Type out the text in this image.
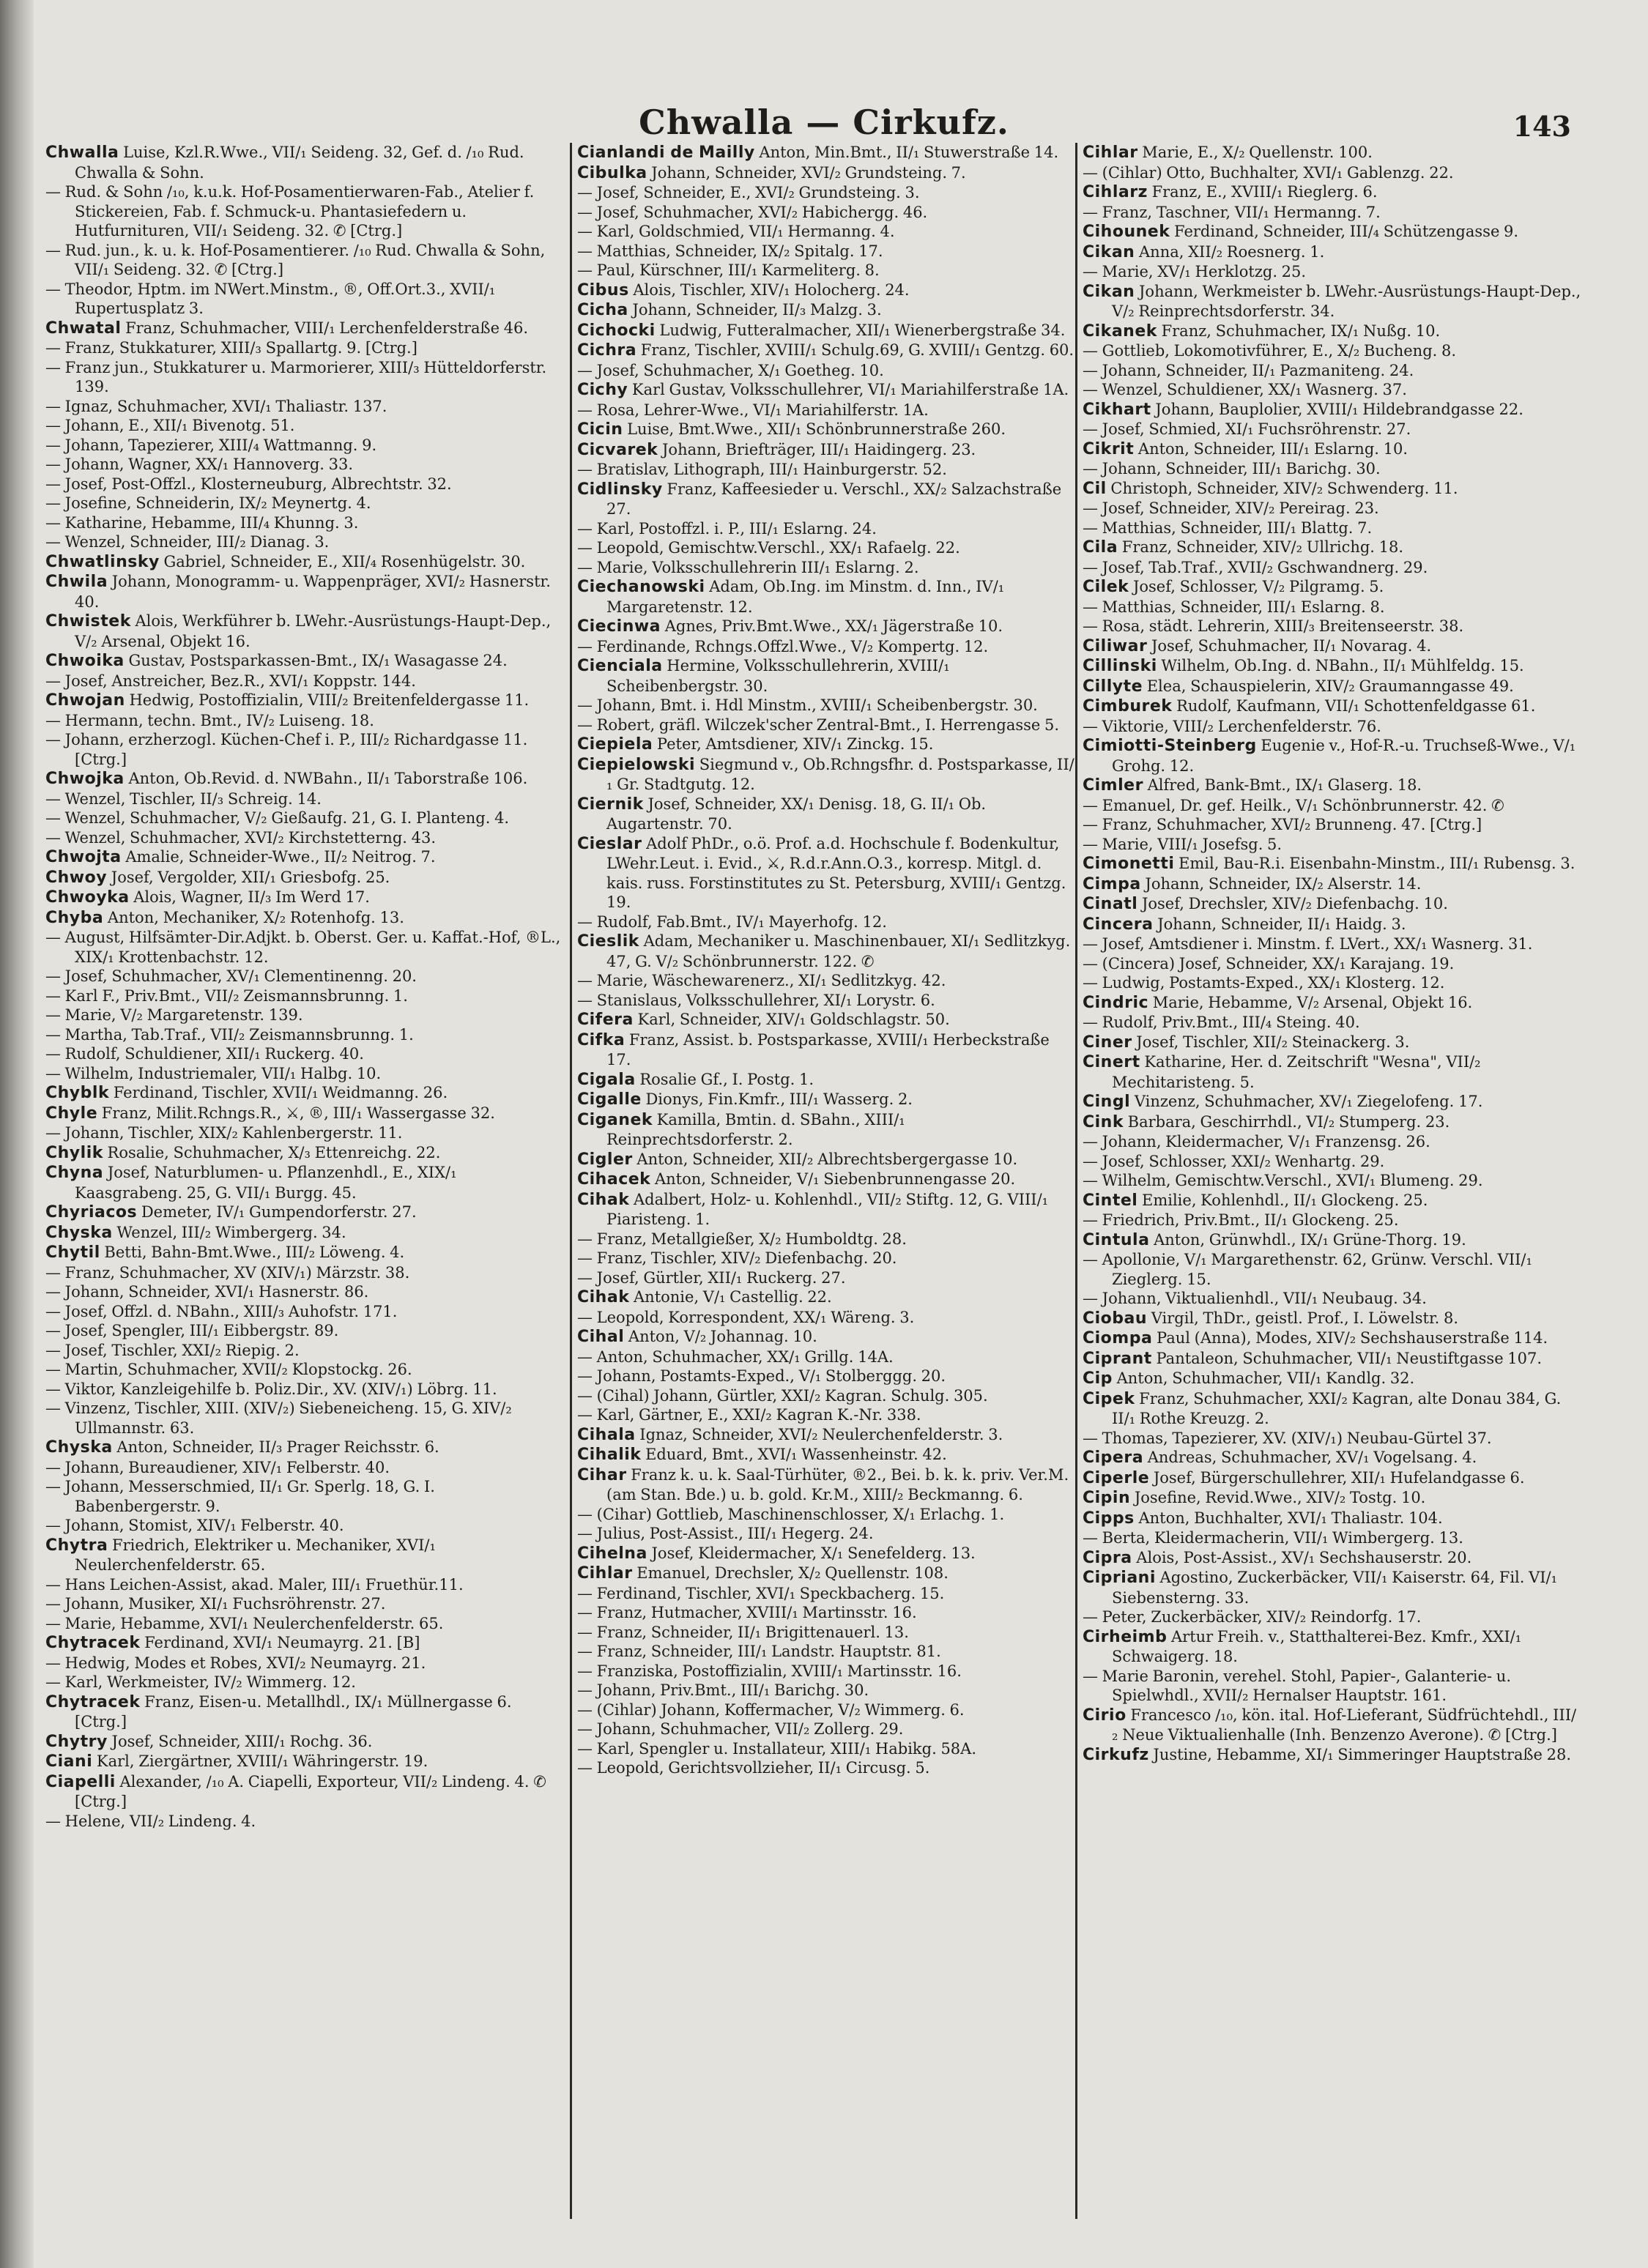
Chwalla — Cirkufz.	143

Chwalla Luise, Kzl.R.Wwe., VII/₁ Seideng. 32, Gef. d. ∕₁₀ Rud. Chwalla & Sohn.

— Rud. & Sohn ∕₁₀, k.u.k. Hof-Posamentierwaren-Fab., Atelier f. Stickereien, Fab. f. Schmuck-u. Phantasiefedern u. Hutfurnituren, VII/₁ Seideng. 32. ✆ [Ctrg.]

— Rud. jun., k. u. k. Hof-Posamentierer. ∕₁₀ Rud. Chwalla & Sohn, VII/₁ Seideng. 32. ✆ [Ctrg.]

— Theodor, Hptm. im NWert.Minstm., ®, Off.Ort.3., XVII/₁ Rupertusplatz 3.

Chwatal Franz, Schuhmacher, VIII/₁ Lerchenfelderstraße 46.

— Franz, Stukkaturer, XIII/₃ Spallartg. 9. [Ctrg.]

— Franz jun., Stukkaturer u. Marmorierer, XIII/₃ Hütteldorferstr. 139.

— Ignaz, Schuhmacher, XVI/₁ Thaliastr. 137.

— Johann, E., XII/₁ Bivenotg. 51.

— Johann, Tapezierer, XIII/₄ Wattmanng. 9.

— Johann, Wagner, XX/₁ Hannoverg. 33.

— Josef, Post-Offzl., Klosterneuburg, Albrechtstr. 32.

— Josefine, Schneiderin, IX/₂ Meynertg. 4.

— Katharine, Hebamme, III/₄ Khunng. 3.

— Wenzel, Schneider, III/₂ Dianag. 3.

Chwatlinsky Gabriel, Schneider, E., XII/₄ Rosenhügelstr. 30.

Chwila Johann, Monogramm- u. Wappenpräger, XVI/₂ Hasnerstr. 40.

Chwistek Alois, Werkführer b. LWehr.-Ausrüstungs-Haupt-Dep., V/₂ Arsenal, Objekt 16.

Chwoika Gustav, Postsparkassen-Bmt., IX/₁ Wasagasse 24.

— Josef, Anstreicher, Bez.R., XVI/₁ Koppstr. 144.

Chwojan Hedwig, Postoffizialin, VIII/₂ Breitenfeldergasse 11.

— Hermann, techn. Bmt., IV/₂ Luiseng. 18.

— Johann, erzherzogl. Küchen-Chef i. P., III/₂ Richardgasse 11. [Ctrg.]

Chwojka Anton, Ob.Revid. d. NWBahn., II/₁ Taborstraße 106.

— Wenzel, Tischler, II/₃ Schreig. 14.

— Wenzel, Schuhmacher, V/₂ Gießaufg. 21, G. I. Planteng. 4.

— Wenzel, Schuhmacher, XVI/₂ Kirchstetterng. 43.

Chwojta Amalie, Schneider-Wwe., II/₂ Neitrog. 7.

Chwoy Josef, Vergolder, XII/₁ Griesbofg. 25.

Chwoyka Alois, Wagner, II/₃ Im Werd 17.

Chyba Anton, Mechaniker, X/₂ Rotenhofg. 13.

— August, Hilfsämter-Dir.Adjkt. b. Oberst. Ger. u. Kaffat.-Hof, ®L., XIX/₁ Krottenbachstr. 12.

— Josef, Schuhmacher, XV/₁ Clementinenng. 20.

— Karl F., Priv.Bmt., VII/₂ Zeismannsbrunng. 1.

— Marie, V/₂ Margaretenstr. 139.

— Martha, Tab.Traf., VII/₂ Zeismannsbrunng. 1.

— Rudolf, Schuldiener, XII/₁ Ruckerg. 40.

— Wilhelm, Industriemaler, VII/₁ Halbg. 10.

Chyblk Ferdinand, Tischler, XVII/₁ Weidmanng. 26.

Chyle Franz, Milit.Rchngs.R., ⚔, ®, III/₁ Wassergasse 32.

— Johann, Tischler, XIX/₂ Kahlenbergerstr. 11.

Chylik Rosalie, Schuhmacher, X/₃ Ettenreichg. 22.

Chyna Josef, Naturblumen- u. Pflanzenhdl., E., XIX/₁ Kaasgrabeng. 25, G. VII/₁ Burgg. 45.

Chyriacos Demeter, IV/₁ Gumpendorferstr. 27.

Chyska Wenzel, III/₂ Wimbergerg. 34.

Chytil Betti, Bahn-Bmt.Wwe., III/₂ Löweng. 4.

— Franz, Schuhmacher, XV (XIV/₁) Märzstr. 38.

— Johann, Schneider, XVI/₁ Hasnerstr. 86.

— Josef, Offzl. d. NBahn., XIII/₃ Auhofstr. 171.

— Josef, Spengler, III/₁ Eibbergstr. 89.

— Josef, Tischler, XXI/₂ Riepig. 2.

— Martin, Schuhmacher, XVII/₂ Klopstockg. 26.

— Viktor, Kanzleigehilfe b. Poliz.Dir., XV. (XIV/₁) Löbrg. 11.

— Vinzenz, Tischler, XIII. (XIV/₂) Siebeneicheng. 15, G. XIV/₂ Ullmannstr. 63.

Chyska Anton, Schneider, II/₃ Prager Reichsstr. 6.

— Johann, Bureaudiener, XIV/₁ Felberstr. 40.

— Johann, Messerschmied, II/₁ Gr. Sperlg. 18, G. I. Babenbergerstr. 9.

— Johann, Stomist, XIV/₁ Felberstr. 40.

Chytra Friedrich, Elektriker u. Mechaniker, XVI/₁ Neulerchenfelderstr. 65.

— Hans Leichen-Assist, akad. Maler, III/₁ Fruethür.11.

— Johann, Musiker, XI/₁ Fuchsröhrenstr. 27.

— Marie, Hebamme, XVI/₁ Neulerchenfelderstr. 65.

Chytracek Ferdinand, XVI/₁ Neumayrg. 21. [B]

— Hedwig, Modes et Robes, XVI/₂ Neumayrg. 21.

— Karl, Werkmeister, IV/₂ Wimmerg. 12.

Chytracek Franz, Eisen-u. Metallhdl., IX/₁ Müllnergasse 6. [Ctrg.]

Chytry Josef, Schneider, XIII/₁ Rochg. 36.

Ciani Karl, Ziergärtner, XVIII/₁ Währingerstr. 19.

Ciapelli Alexander, ∕₁₀ A. Ciapelli, Exporteur, VII/₂ Lindeng. 4. ✆ [Ctrg.]

— Helene, VII/₂ Lindeng. 4.

Cianlandi de Mailly Anton, Min.Bmt., II/₁ Stuwerstraße 14.

Cibulka Johann, Schneider, XVI/₂ Grundsteing. 7.

— Josef, Schneider, E., XVI/₂ Grundsteing. 3.

— Josef, Schuhmacher, XVI/₂ Habichergg. 46.

— Karl, Goldschmied, VII/₁ Hermanng. 4.

— Matthias, Schneider, IX/₂ Spitalg. 17.

— Paul, Kürschner, III/₁ Karmeliterg. 8.

Cibus Alois, Tischler, XIV/₁ Holocherg. 24.

Cicha Johann, Schneider, II/₃ Malzg. 3.

Cichocki Ludwig, Futteralmacher, XII/₁ Wienerbergstraße 34.

Cichra Franz, Tischler, XVIII/₁ Schulg.69, G. XVIII/₁ Gentzg. 60.

— Josef, Schuhmacher, X/₁ Goetheg. 10.

Cichy Karl Gustav, Volksschullehrer, VI/₁ Mariahilferstraße 1A.

— Rosa, Lehrer-Wwe., VI/₁ Mariahilferstr. 1A.

Cicin Luise, Bmt.Wwe., XII/₁ Schönbrunnerstraße 260.

Cicvarek Johann, Briefträger, III/₁ Haidingerg. 23.

— Bratislav, Lithograph, III/₁ Hainburgerstr. 52.

Cidlinsky Franz, Kaffeesieder u. Verschl., XX/₂ Salzachstraße 27.

— Karl, Postoffzl. i. P., III/₁ Eslarng. 24.

— Leopold, Gemischtw.Verschl., XX/₁ Rafaelg. 22.

— Marie, Volksschullehrerin III/₁ Eslarng. 2.

Ciechanowski Adam, Ob.Ing. im Minstm. d. Inn., IV/₁ Margaretenstr. 12.

Ciecinwa Agnes, Priv.Bmt.Wwe., XX/₁ Jägerstraße 10.

— Ferdinande, Rchngs.Offzl.Wwe., V/₂ Kompertg. 12.

Cienciala Hermine, Volksschullehrerin, XVIII/₁ Scheibenbergstr. 30.

— Johann, Bmt. i. Hdl Minstm., XVIII/₁ Scheibenbergstr. 30.

— Robert, gräfl. Wilczek'scher Zentral-Bmt., I. Herrengasse 5.

Ciepiela Peter, Amtsdiener, XIV/₁ Zinckg. 15.

Ciepielowski Siegmund v., Ob.Rchngsfhr. d. Postsparkasse, II/₁ Gr. Stadtgutg. 12.

Ciernik Josef, Schneider, XX/₁ Denisg. 18, G. II/₁ Ob. Augartenstr. 70.

Cieslar Adolf PhDr., o.ö. Prof. a.d. Hochschule f. Bodenkultur, LWehr.Leut. i. Evid., ⚔, R.d.r.Ann.O.3., korresp. Mitgl. d. kais. russ. Forstinstitutes zu St. Petersburg, XVIII/₁ Gentzg. 19.

— Rudolf, Fab.Bmt., IV/₁ Mayerhofg. 12.

Cieslik Adam, Mechaniker u. Maschinenbauer, XI/₁ Sedlitzkyg. 47, G. V/₂ Schönbrunnerstr. 122. ✆

— Marie, Wäschewarenerz., XI/₁ Sedlitzkyg. 42.

— Stanislaus, Volksschullehrer, XI/₁ Lorystr. 6.

Cifera Karl, Schneider, XIV/₁ Goldschlagstr. 50.

Cifka Franz, Assist. b. Postsparkasse, XVIII/₁ Herbeckstraße 17.

Cigala Rosalie Gf., I. Postg. 1.

Cigalle Dionys, Fin.Kmfr., III/₁ Wasserg. 2.

Ciganek Kamilla, Bmtin. d. SBahn., XIII/₁ Reinprechtsdorferstr. 2.

Cigler Anton, Schneider, XII/₂ Albrechtsbergergasse 10.

Cihacek Anton, Schneider, V/₁ Siebenbrunnengasse 20.

Cihak Adalbert, Holz- u. Kohlenhdl., VII/₂ Stiftg. 12, G. VIII/₁ Piaristeng. 1.

— Franz, Metallgießer, X/₂ Humboldtg. 28.

— Franz, Tischler, XIV/₂ Diefenbachg. 20.

— Josef, Gürtler, XII/₁ Ruckerg. 27.

Cihak Antonie, V/₁ Castellig. 22.

— Leopold, Korrespondent, XX/₁ Wäreng. 3.

Cihal Anton, V/₂ Johannag. 10.

— Anton, Schuhmacher, XX/₁ Grillg. 14A.

— Johann, Postamts-Exped., V/₁ Stolberggg. 20.

— (Cihal) Johann, Gürtler, XXI/₂ Kagran. Schulg. 305.

— Karl, Gärtner, E., XXI/₂ Kagran K.-Nr. 338.

Cihala Ignaz, Schneider, XVI/₂ Neulerchenfelderstr. 3.

Cihalik Eduard, Bmt., XVI/₁ Wassenheinstr. 42.

Cihar Franz k. u. k. Saal-Türhüter, ®2., Bei. b. k. k. priv. Ver.M. (am Stan. Bde.) u. b. gold. Kr.M., XIII/₂ Beckmanng. 6.

— (Cihar) Gottlieb, Maschinenschlosser, X/₁ Erlachg. 1.

— Julius, Post-Assist., III/₁ Hegerg. 24.

Cihelna Josef, Kleidermacher, X/₁ Senefelderg. 13.

Cihlar Emanuel, Drechsler, X/₂ Quellenstr. 108.

— Ferdinand, Tischler, XVI/₁ Speckbacherg. 15.

— Franz, Hutmacher, XVIII/₁ Martinsstr. 16.

— Franz, Schneider, II/₁ Brigittenauerl. 13.

— Franz, Schneider, III/₁ Landstr. Hauptstr. 81.

— Franziska, Postoffizialin, XVIII/₁ Martinsstr. 16.

— Johann, Priv.Bmt., III/₁ Barichg. 30.

— (Cihlar) Johann, Koffermacher, V/₂ Wimmerg. 6.

— Johann, Schuhmacher, VII/₂ Zollerg. 29.

— Karl, Spengler u. Installateur, XIII/₁ Habikg. 58A.

— Leopold, Gerichtsvollzieher, II/₁ Circusg. 5.

Cihlar Marie, E., X/₂ Quellenstr. 100.

— (Cihlar) Otto, Buchhalter, XVI/₁ Gablenzg. 22.

Cihlarz Franz, E., XVIII/₁ Rieglerg. 6.

— Franz, Taschner, VII/₁ Hermanng. 7.

Cihounek Ferdinand, Schneider, III/₄ Schützengasse 9.

Cikan Anna, XII/₂ Roesnerg. 1.

— Marie, XV/₁ Herklotzg. 25.

Cikan Johann, Werkmeister b. LWehr.-Ausrüstungs-Haupt-Dep., V/₂ Reinprechtsdorferstr. 34.

Cikanek Franz, Schuhmacher, IX/₁ Nußg. 10.

— Gottlieb, Lokomotivführer, E., X/₂ Bucheng. 8.

— Johann, Schneider, II/₁ Pazmaniteng. 24.

— Wenzel, Schuldiener, XX/₁ Wasnerg. 37.

Cikhart Johann, Bauplolier, XVIII/₁ Hildebrandgasse 22.

— Josef, Schmied, XI/₁ Fuchsröhrenstr. 27.

Cikrit Anton, Schneider, III/₁ Eslarng. 10.

— Johann, Schneider, III/₁ Barichg. 30.

Cil Christoph, Schneider, XIV/₂ Schwenderg. 11.

— Josef, Schneider, XIV/₂ Pereirag. 23.

— Matthias, Schneider, III/₁ Blattg. 7.

Cila Franz, Schneider, XIV/₂ Ullrichg. 18.

— Josef, Tab.Traf., XVII/₂ Gschwandnerg. 29.

Cilek Josef, Schlosser, V/₂ Pilgramg. 5.

— Matthias, Schneider, III/₁ Eslarng. 8.

— Rosa, städt. Lehrerin, XIII/₃ Breitenseerstr. 38.

Ciliwar Josef, Schuhmacher, II/₁ Novarag. 4.

Cillinski Wilhelm, Ob.Ing. d. NBahn., II/₁ Mühlfeldg. 15.

Cillyte Elea, Schauspielerin, XIV/₂ Graumanngasse 49.

Cimburek Rudolf, Kaufmann, VII/₁ Schottenfeldgasse 61.

— Viktorie, VIII/₂ Lerchenfelderstr. 76.

Cimiotti-Steinberg Eugenie v., Hof-R.-u. Truchseß-Wwe., V/₁ Grohg. 12.

Cimler Alfred, Bank-Bmt., IX/₁ Glaserg. 18.

— Emanuel, Dr. gef. Heilk., V/₁ Schönbrunnerstr. 42. ✆

— Franz, Schuhmacher, XVI/₂ Brunneng. 47. [Ctrg.]

— Marie, VIII/₁ Josefsg. 5.

Cimonetti Emil, Bau-R.i. Eisenbahn-Minstm., III/₁ Rubensg. 3.

Cimpa Johann, Schneider, IX/₂ Alserstr. 14.

Cinatl Josef, Drechsler, XIV/₂ Diefenbachg. 10.

Cincera Johann, Schneider, II/₁ Haidg. 3.

— Josef, Amtsdiener i. Minstm. f. LVert., XX/₁ Wasnerg. 31.

— (Cincera) Josef, Schneider, XX/₁ Karajang. 19.

— Ludwig, Postamts-Exped., XX/₁ Klosterg. 12.

Cindric Marie, Hebamme, V/₂ Arsenal, Objekt 16.

— Rudolf, Priv.Bmt., III/₄ Steing. 40.

Ciner Josef, Tischler, XII/₂ Steinackerg. 3.

Cinert Katharine, Her. d. Zeitschrift "Wesna", VII/₂ Mechitaristeng. 5.

Cingl Vinzenz, Schuhmacher, XV/₁ Ziegelofeng. 17.

Cink Barbara, Geschirrhdl., VI/₂ Stumperg. 23.

— Johann, Kleidermacher, V/₁ Franzensg. 26.

— Josef, Schlosser, XXI/₂ Wenhartg. 29.

— Wilhelm, Gemischtw.Verschl., XVI/₁ Blumeng. 29.

Cintel Emilie, Kohlenhdl., II/₁ Glockeng. 25.

— Friedrich, Priv.Bmt., II/₁ Glockeng. 25.

Cintula Anton, Grünwhdl., IX/₁ Grüne-Thorg. 19.

— Apollonie, V/₁ Margarethenstr. 62, Grünw. Verschl. VII/₁ Zieglerg. 15.

— Johann, Viktualienhdl., VII/₁ Neubaug. 34.

Ciobau Virgil, ThDr., geistl. Prof., I. Löwelstr. 8.

Ciompa Paul (Anna), Modes, XIV/₂ Sechshauserstraße 114.

Ciprant Pantaleon, Schuhmacher, VII/₁ Neustiftgasse 107.

Cip Anton, Schuhmacher, VII/₁ Kandlg. 32.

Cipek Franz, Schuhmacher, XXI/₂ Kagran, alte Donau 384, G. II/₁ Rothe Kreuzg. 2.

— Thomas, Tapezierer, XV. (XIV/₁) Neubau-Gürtel 37.

Cipera Andreas, Schuhmacher, XV/₁ Vogelsang. 4.

Ciperle Josef, Bürgerschullehrer, XII/₁ Hufelandgasse 6.

Cipin Josefine, Revid.Wwe., XIV/₂ Tostg. 10.

Cipps Anton, Buchhalter, XVI/₁ Thaliastr. 104.

— Berta, Kleidermacherin, VII/₁ Wimbergerg. 13.

Cipra Alois, Post-Assist., XV/₁ Sechshauserstr. 20.

Cipriani Agostino, Zuckerbäcker, VII/₁ Kaiserstr. 64, Fil. VI/₁ Siebensterng. 33.

— Peter, Zuckerbäcker, XIV/₂ Reindorfg. 17.

Cirheimb Artur Freih. v., Statthalterei-Bez. Kmfr., XXI/₁ Schwaigerg. 18.

— Marie Baronin, verehel. Stohl, Papier-, Galanterie- u. Spielwhdl., XVII/₂ Hernalser Hauptstr. 161.

Cirio Francesco ∕₁₀, kön. ital. Hof-Lieferant, Südfrüchtehdl., III/₂ Neue Viktualienhalle (Inh. Benzenzo Averone). ✆ [Ctrg.]

Cirkufz Justine, Hebamme, XI/₁ Simmeringer Hauptstraße 28.
